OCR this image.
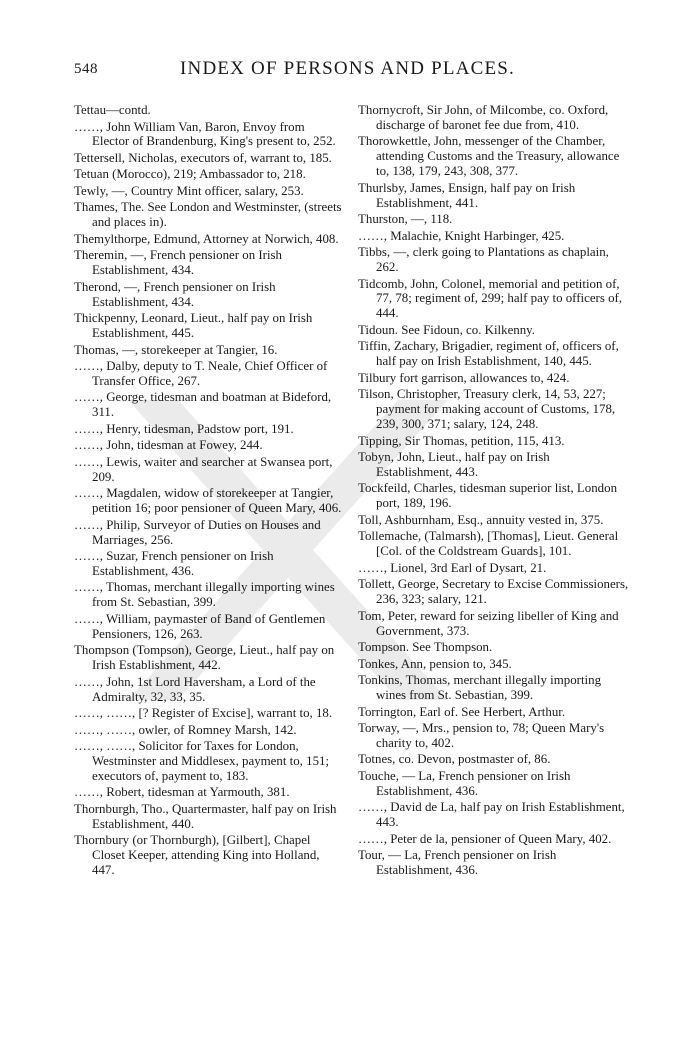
548	INDEX OF PERSONS AND PLACES.

Tettau—contd.

……, John William Van, Baron, Envoy from Elector of Brandenburg, King's present to, 252.

Tettersell, Nicholas, executors of, warrant to, 185.

Tetuan (Morocco), 219; Ambassador to, 218.

Tewly, —, Country Mint officer, salary, 253.

Thames, The. See London and Westminster, (streets and places in).

Themylthorpe, Edmund, Attorney at Norwich, 408.

Theremin, —, French pensioner on Irish Establishment, 434.

Therond, —, French pensioner on Irish Establishment, 434.

Thickpenny, Leonard, Lieut., half pay on Irish Establishment, 445.

Thomas, —, storekeeper at Tangier, 16.

……, Dalby, deputy to T. Neale, Chief Officer of Transfer Office, 267.

……, George, tidesman and boatman at Bideford, 311.

……, Henry, tidesman, Padstow port, 191.

……, John, tidesman at Fowey, 244.

……, Lewis, waiter and searcher at Swansea port, 209.

……, Magdalen, widow of storekeeper at Tangier, petition 16; poor pensioner of Queen Mary, 406.

……, Philip, Surveyor of Duties on Houses and Marriages, 256.

……, Suzar, French pensioner on Irish Establishment, 436.

……, Thomas, merchant illegally importing wines from St. Sebastian, 399.

……, William, paymaster of Band of Gentlemen Pensioners, 126, 263.

Thompson (Tompson), George, Lieut., half pay on Irish Establishment, 442.

……, John, 1st Lord Haversham, a Lord of the Admiralty, 32, 33, 35.

……, ……, [? Register of Excise], warrant to, 18.

……, ……, owler, of Romney Marsh, 142.

……, ……, Solicitor for Taxes for London, Westminster and Middlesex, payment to, 151; executors of, payment to, 183.

……, Robert, tidesman at Yarmouth, 381.

Thornburgh, Tho., Quartermaster, half pay on Irish Establishment, 440.

Thornbury (or Thornburgh), [Gilbert], Chapel Closet Keeper, attending King into Holland, 447.

Thornycroft, Sir John, of Milcombe, co. Oxford, discharge of baronet fee due from, 410.

Thorowkettle, John, messenger of the Chamber, attending Customs and the Treasury, allowance to, 138, 179, 243, 308, 377.

Thurlsby, James, Ensign, half pay on Irish Establishment, 441.

Thurston, —, 118.

……, Malachie, Knight Harbinger, 425.

Tibbs, —, clerk going to Plantations as chaplain, 262.

Tidcomb, John, Colonel, memorial and petition of, 77, 78; regiment of, 299; half pay to officers of, 444.

Tidoun. See Fidoun, co. Kilkenny.

Tiffin, Zachary, Brigadier, regiment of, officers of, half pay on Irish Establishment, 140, 445.

Tilbury fort garrison, allowances to, 424.

Tilson, Christopher, Treasury clerk, 14, 53, 227; payment for making account of Customs, 178, 239, 300, 371; salary, 124, 248.

Tipping, Sir Thomas, petition, 115, 413.

Tobyn, John, Lieut., half pay on Irish Establishment, 443.

Tockfeild, Charles, tidesman superior list, London port, 189, 196.

Toll, Ashburnham, Esq., annuity vested in, 375.

Tollemache, (Talmarsh), [Thomas], Lieut. General [Col. of the Coldstream Guards], 101.

……, Lionel, 3rd Earl of Dysart, 21.

Tollett, George, Secretary to Excise Commissioners, 236, 323; salary, 121.

Tom, Peter, reward for seizing libeller of King and Government, 373.

Tompson. See Thompson.

Tonkes, Ann, pension to, 345.

Tonkins, Thomas, merchant illegally importing wines from St. Sebastian, 399.

Torrington, Earl of. See Herbert, Arthur.

Torway, —, Mrs., pension to, 78; Queen Mary's charity to, 402.

Totnes, co. Devon, postmaster of, 86.

Touche, — La, French pensioner on Irish Establishment, 436.

……, David de La, half pay on Irish Establishment, 443.

……, Peter de la, pensioner of Queen Mary, 402.

Tour, — La, French pensioner on Irish Establishment, 436.
